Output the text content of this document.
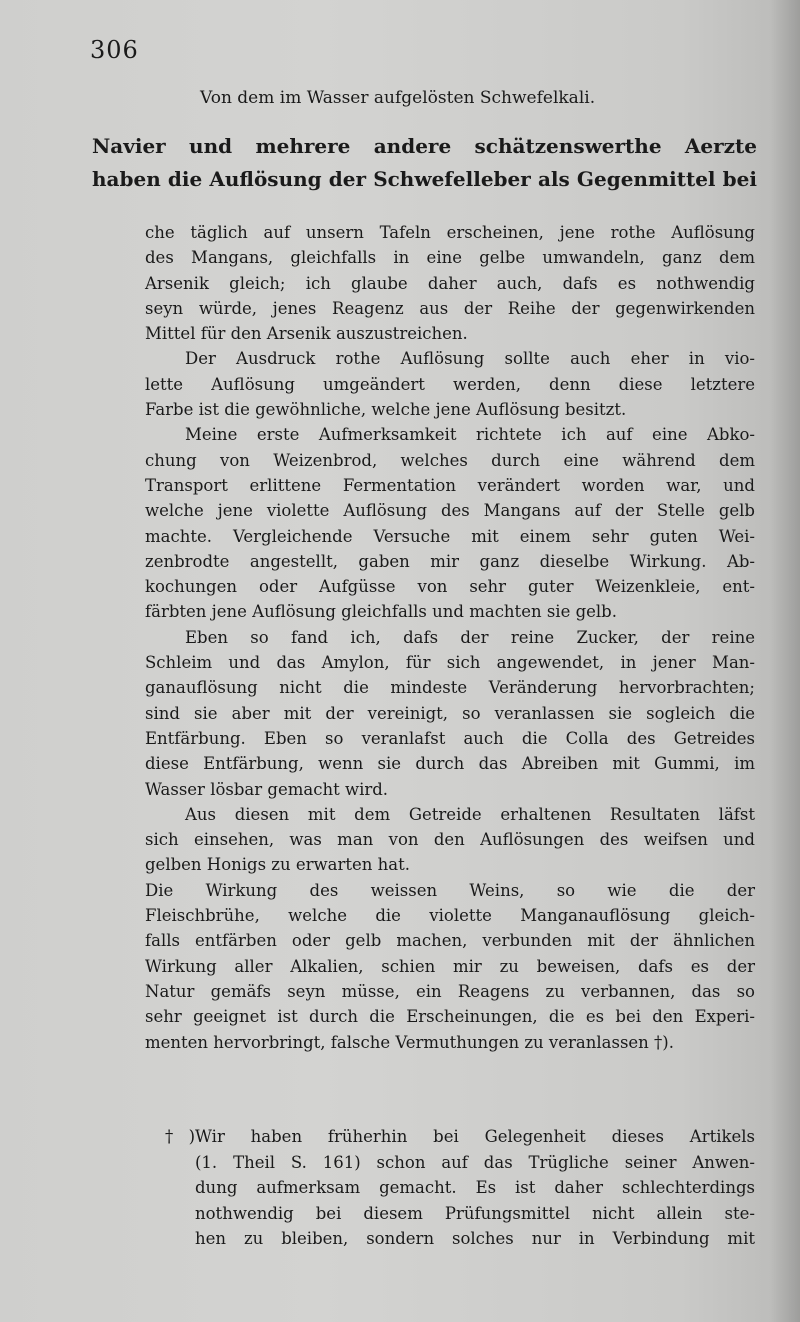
306
Von dem im Wasser aufgelösten Schwefelkali.
Navier und mehrere andere schätzenswerthe Aerzte
haben die Auflösung der Schwefelleber als Gegenmittel bei
che täglich auf unsern Tafeln erscheinen, jene rothe Auflösung
des Mangans, gleichfalls in eine gelbe umwandeln, ganz dem
Arsenik gleich; ich glaube daher auch, dafs es nothwendig
seyn würde, jenes Reagenz aus der Reihe der gegenwirkenden
Mittel für den Arsenik auszustreichen.
Der Ausdruck rothe Auflösung sollte auch eher in vio-
lette Auflösung umgeändert werden, denn diese letztere
Farbe ist die gewöhnliche, welche jene Auflösung besitzt.
Meine erste Aufmerksamkeit richtete ich auf eine Abko-
chung von Weizenbrod, welches durch eine während dem
Transport erlittene Fermentation verändert worden war, und
welche jene violette Auflösung des Mangans auf der Stelle gelb
machte. Vergleichende Versuche mit einem sehr guten Wei-
zenbrodte angestellt, gaben mir ganz dieselbe Wirkung. Ab-
kochungen oder Aufgüsse von sehr guter Weizenkleie, ent-
färbten jene Auflösung gleichfalls und machten sie gelb.
Eben so fand ich, dafs der reine Zucker, der reine
Schleim und das Amylon, für sich angewendet, in jener Man-
ganauflösung nicht die mindeste Veränderung hervorbrachten;
sind sie aber mit der vereinigt, so veranlassen sie sogleich die
Entfärbung. Eben so veranlafst auch die Colla des Getreides
diese Entfärbung, wenn sie durch das Abreiben mit Gummi, im
Wasser lösbar gemacht wird.
Aus diesen mit dem Getreide erhaltenen Resultaten läfst
sich einsehen, was man von den Auflösungen des weifsen und
gelben Honigs zu erwarten hat.
Die Wirkung des weissen Weins, so wie die der
Fleischbrühe, welche die violette Manganauflösung gleich-
falls entfärben oder gelb machen, verbunden mit der ähnlichen
Wirkung aller Alkalien, schien mir zu beweisen, dafs es der
Natur gemäfs seyn müsse, ein Reagens zu verbannen, das so
sehr geeignet ist durch die Erscheinungen, die es bei den Experi-
menten hervorbringt, falsche Vermuthungen zu veranlassen †).
†)Wir haben früherhin bei Gelegenheit dieses Artikels
(1. Theil S. 161) schon auf das Trügliche seiner Anwen-
dung aufmerksam gemacht. Es ist daher schlechterdings
nothwendig bei diesem Prüfungsmittel nicht allein ste-
hen zu bleiben, sondern solches nur in Verbindung mit
